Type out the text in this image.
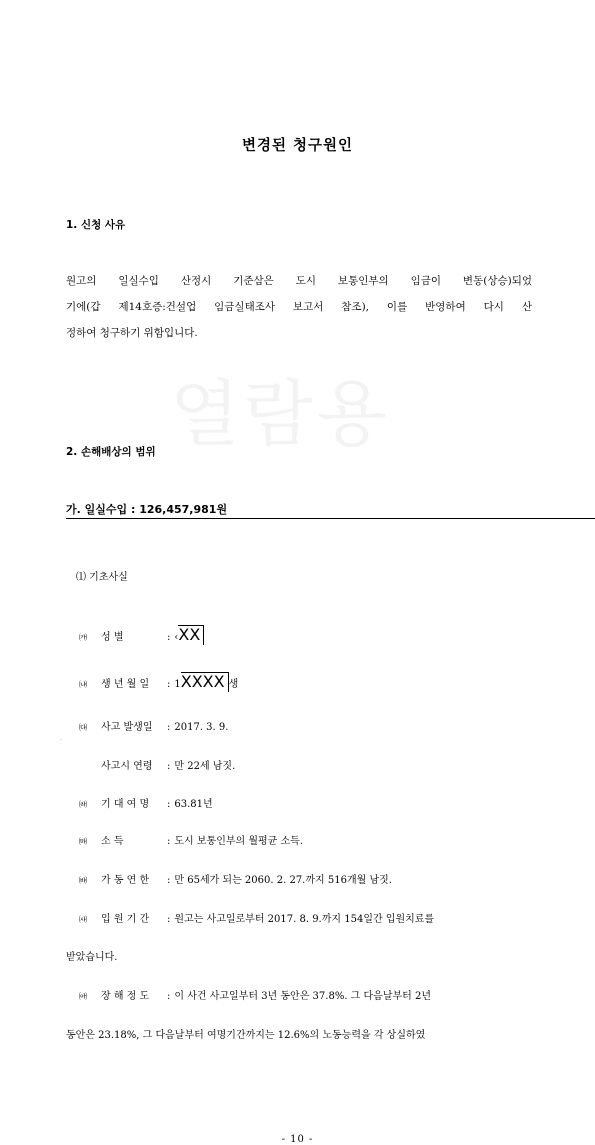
열람용
변경된 청구원인
1. 신청 사유

원고의 일실수입 산정시 기준삼은 도시 보통인부의 임금이 변동(상승)되었

기에(갑 제14호증:건설업 임금실태조사 보고서 참조), 이를 반영하여 다시 산

정하여 청구하기 위함입니다.

2. 손해배상의 범위
가. 일실수입 : 126,457,981원
⑴ 기초사실
㈎	성 별	: ‹ XX
㈏	생 년 월 일	: 1 XXXX 생
㈐	사고 발생일	: 2017. 3. 9.
사고시 연령	: 만 22세 남짓.
㈑	기 대 여 명	: 63.81년
㈒	소 득	: 도시 보통인부의 월평균 소득.
㈓	가 동 연 한	: 만 65세가 되는 2060. 2. 27.까지 516개월 남짓.
㈔	입 원 기 간	: 원고는 사고일로부터 2017. 8. 9.까지 154일간 입원치료를
받았습니다.
㈕	장 해 정 도	: 이 사건 사고일부터 3년 동안은 37.8%. 그 다음날부터 2년
동안은 23.18%, 그 다음날부터 여명기간까지는 12.6%의 노동능력을 각 상실하였
·
- 10 -
